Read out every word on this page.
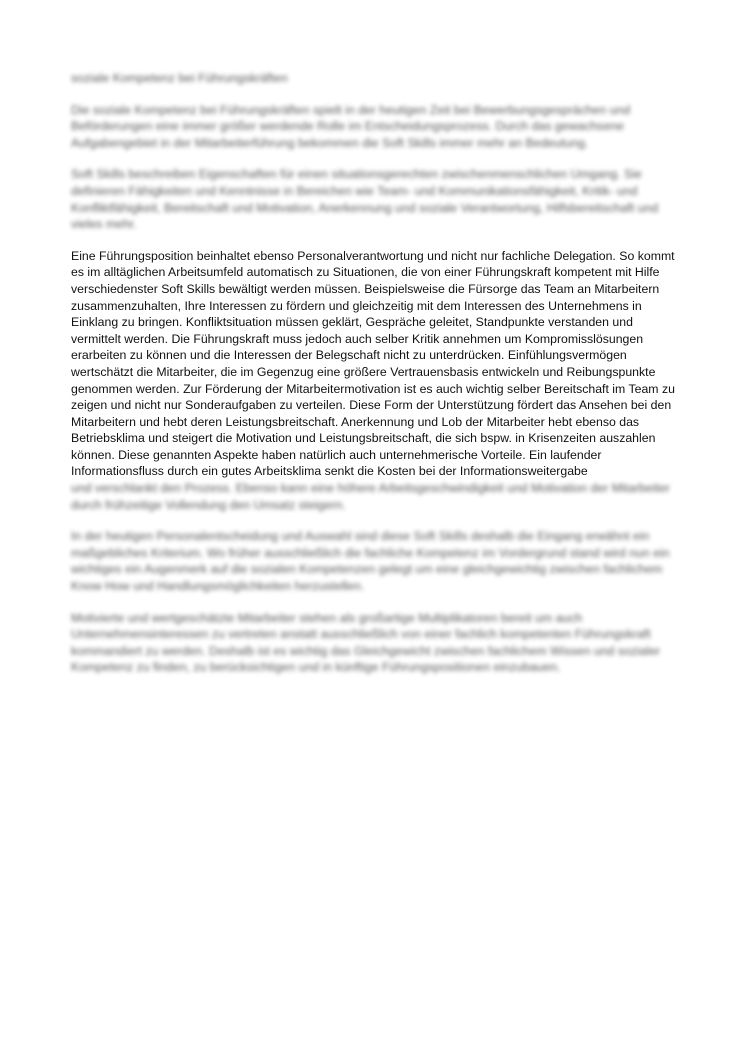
soziale Kompetenz bei Führungskräften

Die soziale Kompetenz bei Führungskräften spielt in der heutigen Zeit bei Bewerbungsgesprächen und Beförderungen eine immer größer werdende Rolle im Entscheidungsprozess. Durch das gewachsene Aufgabengebiet in der Mitarbeiterführung bekommen die Soft Skills immer mehr an Bedeutung.

Soft Skills beschreiben Eigenschaften für einen situationsgerechten zwischenmenschlichen Umgang. Sie definieren Fähigkeiten und Kenntnisse in Bereichen wie Team- und Kommunikationsfähigkeit, Kritik- und Konfliktfähigkeit, Bereitschaft und Motivation, Anerkennung und soziale Verantwortung, Hilfsbereitschaft und vieles mehr.

Eine Führungsposition beinhaltet ebenso Personalverantwortung und nicht nur fachliche Delegation. So kommt es im alltäglichen Arbeitsumfeld automatisch zu Situationen, die von einer Führungskraft kompetent mit Hilfe verschiedenster Soft Skills bewältigt werden müssen. Beispielsweise die Fürsorge das Team an Mitarbeitern zusammenzuhalten, Ihre Interessen zu fördern und gleichzeitig mit dem Interessen des Unternehmens in Einklang zu bringen. Konfliktsituation müssen geklärt, Gespräche geleitet, Standpunkte verstanden und vermittelt werden. Die Führungskraft muss jedoch auch selber Kritik annehmen um Kompromisslösungen erarbeiten zu können und die Interessen der Belegschaft nicht zu unterdrücken. Einfühlungsvermögen wertschätzt die Mitarbeiter, die im Gegenzug eine größere Vertrauensbasis entwickeln und Reibungspunkte genommen werden. Zur Förderung der Mitarbeitermotivation ist es auch wichtig selber Bereitschaft im Team zu zeigen und nicht nur Sonderaufgaben zu verteilen. Diese Form der Unterstützung fördert das Ansehen bei den Mitarbeitern und hebt deren Leistungsbreitschaft. Anerkennung und Lob der Mitarbeiter hebt ebenso das Betriebsklima und steigert die Motivation und Leistungsbreitschaft, die sich bspw. in Krisenzeiten auszahlen können. Diese genannten Aspekte haben natürlich auch unternehmerische Vorteile. Ein laufender Informationsfluss durch ein gutes Arbeitsklima senkt die Kosten bei der Informationsweitergabe

und verschlankt den Prozess. Ebenso kann eine höhere Arbeitsgeschwindigkeit und Motivation der Mitarbeiter durch frühzeitige Vollendung den Umsatz steigern.

In der heutigen Personalentscheidung und Auswahl sind diese Soft Skills deshalb die Eingang erwähnt ein maßgebliches Kriterium. Wo früher ausschließlich die fachliche Kompetenz im Vordergrund stand wird nun ein wichtiges ein Augenmerk auf die sozialen Kompetenzen gelegt um eine gleichgewichtig zwischen fachlichem Know How und Handlungsmöglichkeiten herzustellen.

Motivierte und wertgeschätzte Mitarbeiter stehen als großartige Multiplikatoren bereit um auch Unternehmensinteressen zu vertreten anstatt ausschließlich von einer fachlich kompetenten Führungskraft kommandiert zu werden. Deshalb ist es wichtig das Gleichgewicht zwischen fachlichem Wissen und sozialer Kompetenz zu finden, zu berücksichtigen und in künftige Führungspositionen einzubauen.
